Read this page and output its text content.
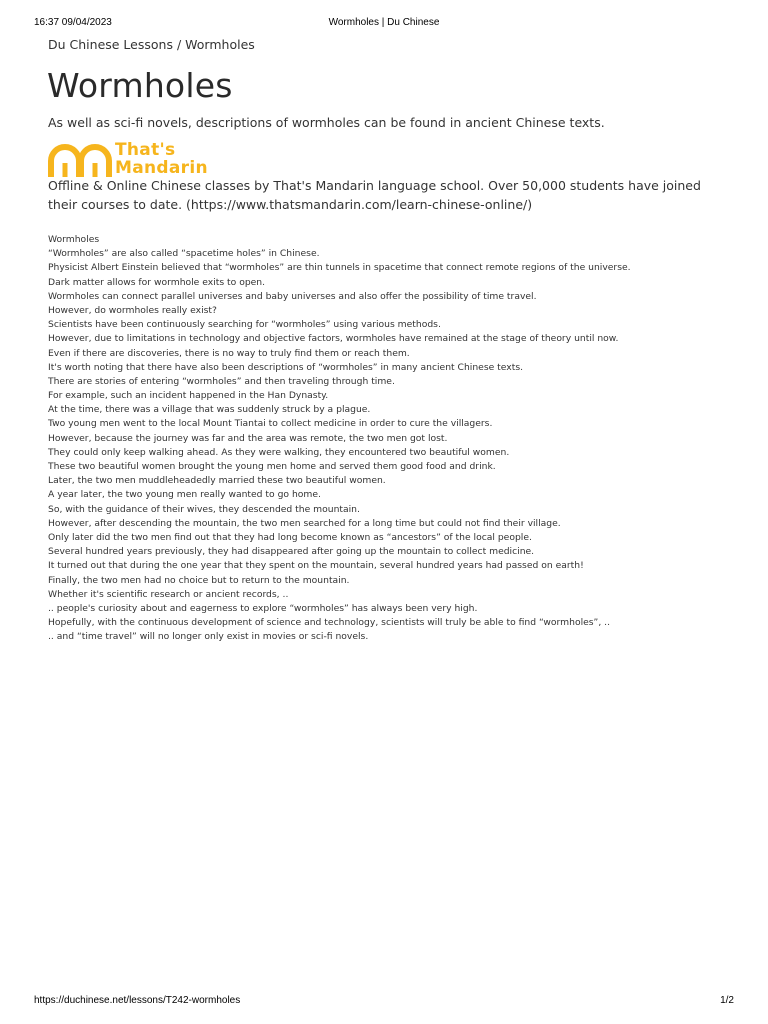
16:37 09/04/2023	Wormholes | Du Chinese
Du Chinese Lessons / Wormholes
Wormholes
As well as sci-fi novels, descriptions of wormholes can be found in ancient Chinese texts.
That's
Mandarin
Offline & Online Chinese classes by That's Mandarin language school. Over 50,000 students have joined their courses to date. (https://www.thatsmandarin.com/learn-chinese-online/)
Wormholes
“Wormholes” are also called “spacetime holes” in Chinese.
Physicist Albert Einstein believed that “wormholes” are thin tunnels in spacetime that connect remote regions of the universe.
Dark matter allows for wormhole exits to open.
Wormholes can connect parallel universes and baby universes and also offer the possibility of time travel.
However, do wormholes really exist?
Scientists have been continuously searching for “wormholes” using various methods.
However, due to limitations in technology and objective factors, wormholes have remained at the stage of theory until now.
Even if there are discoveries, there is no way to truly find them or reach them.
It's worth noting that there have also been descriptions of “wormholes” in many ancient Chinese texts.
There are stories of entering “wormholes” and then traveling through time.
For example, such an incident happened in the Han Dynasty.
At the time, there was a village that was suddenly struck by a plague.
Two young men went to the local Mount Tiantai to collect medicine in order to cure the villagers.
However, because the journey was far and the area was remote, the two men got lost.
They could only keep walking ahead. As they were walking, they encountered two beautiful women.
These two beautiful women brought the young men home and served them good food and drink.
Later, the two men muddleheadedly married these two beautiful women.
A year later, the two young men really wanted to go home.
So, with the guidance of their wives, they descended the mountain.
However, after descending the mountain, the two men searched for a long time but could not find their village.
Only later did the two men find out that they had long become known as “ancestors” of the local people.
Several hundred years previously, they had disappeared after going up the mountain to collect medicine.
It turned out that during the one year that they spent on the mountain, several hundred years had passed on earth!
Finally, the two men had no choice but to return to the mountain.
Whether it's scientific research or ancient records, ..
.. people's curiosity about and eagerness to explore “wormholes” has always been very high.
Hopefully, with the continuous development of science and technology, scientists will truly be able to find “wormholes”, ..
.. and “time travel” will no longer only exist in movies or sci-fi novels.
https://duchinese.net/lessons/T242-wormholes	1/2
